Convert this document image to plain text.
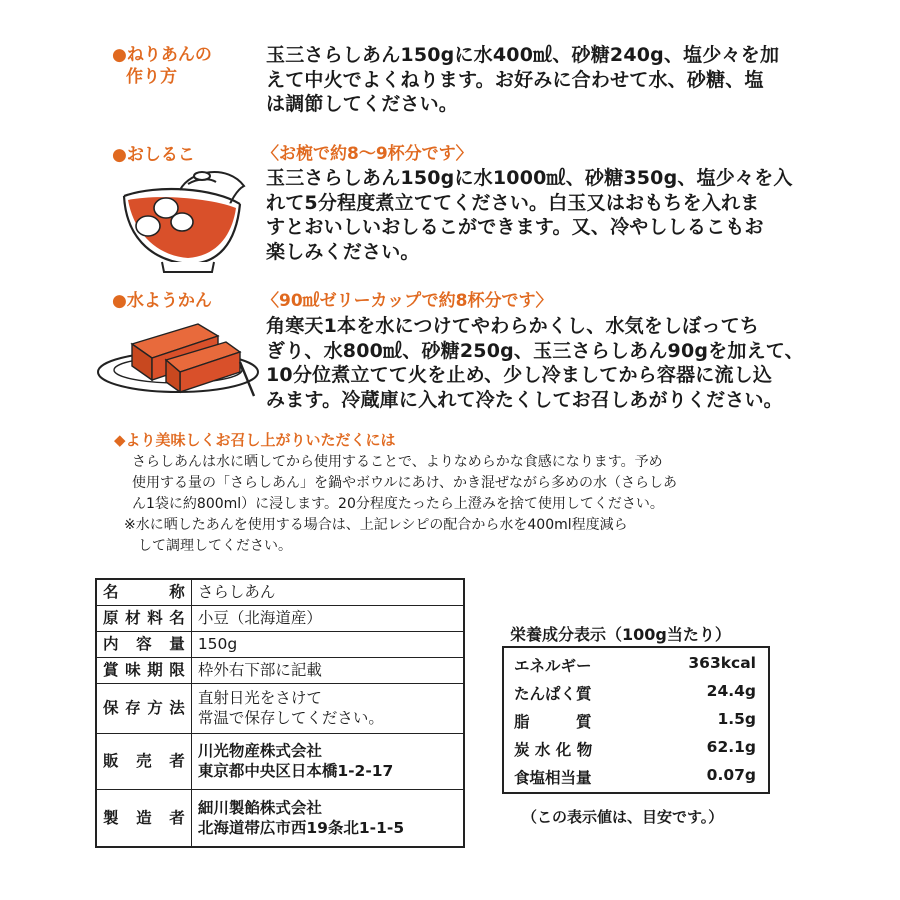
●ねりあんの
作り方

玉三さらしあん150gに水400㎖、砂糖240g、塩少々を加

えて中火でよくねります。お好みに合わせて水、砂糖、塩

は調節してください。

●おしるこ	〈お椀で約8〜9杯分です〉

玉三さらしあん150gに水1000㎖、砂糖350g、塩少々を入

れて5分程度煮立ててください。白玉又はおもちを入れま

すとおいしいおしるこができます。又、冷やししるこもお

楽しみください。

●水ようかん	〈90㎖ゼリーカップで約8杯分です〉

角寒天1本を水につけてやわらかくし、水気をしぼってち

ぎり、水800㎖、砂糖250g、玉三さらしあん90gを加えて、

10分位煮立てて火を止め、少し冷ましてから容器に流し込

みます。冷蔵庫に入れて冷たくしてお召しあがりください。

◆より美味しくお召し上がりいただくには

さらしあんは水に晒してから使用することで、よりなめらかな食感になります。予め

使用する量の「さらしあん」を鍋やボウルにあけ、かき混ぜながら多めの水（さらしあ

ん1袋に約800ml）に浸します。20分程度たったら上澄みを捨て使用してください。

※水に晒したあんを使用する場合は、上記レシピの配合から水を400ml程度減ら

　して調理してください。

名　称	さらしあん
原材料名	小豆（北海道産）
内容量	150g
賞味期限	枠外右下部に記載
保存方法	直射日光をさけて
常温で保存してください。

販売者	川光物産株式会社
東京都中央区日本橋1-2-17

製造者	細川製餡株式会社
北海道帯広市西19条北1-1-5
栄養成分表示（100g当たり）
エネルギー	363kcal
たんぱく質	24.4g
脂　　　質	1.5g
炭 水 化 物	62.1g
食塩相当量	0.07g
（この表示値は、目安です。）
